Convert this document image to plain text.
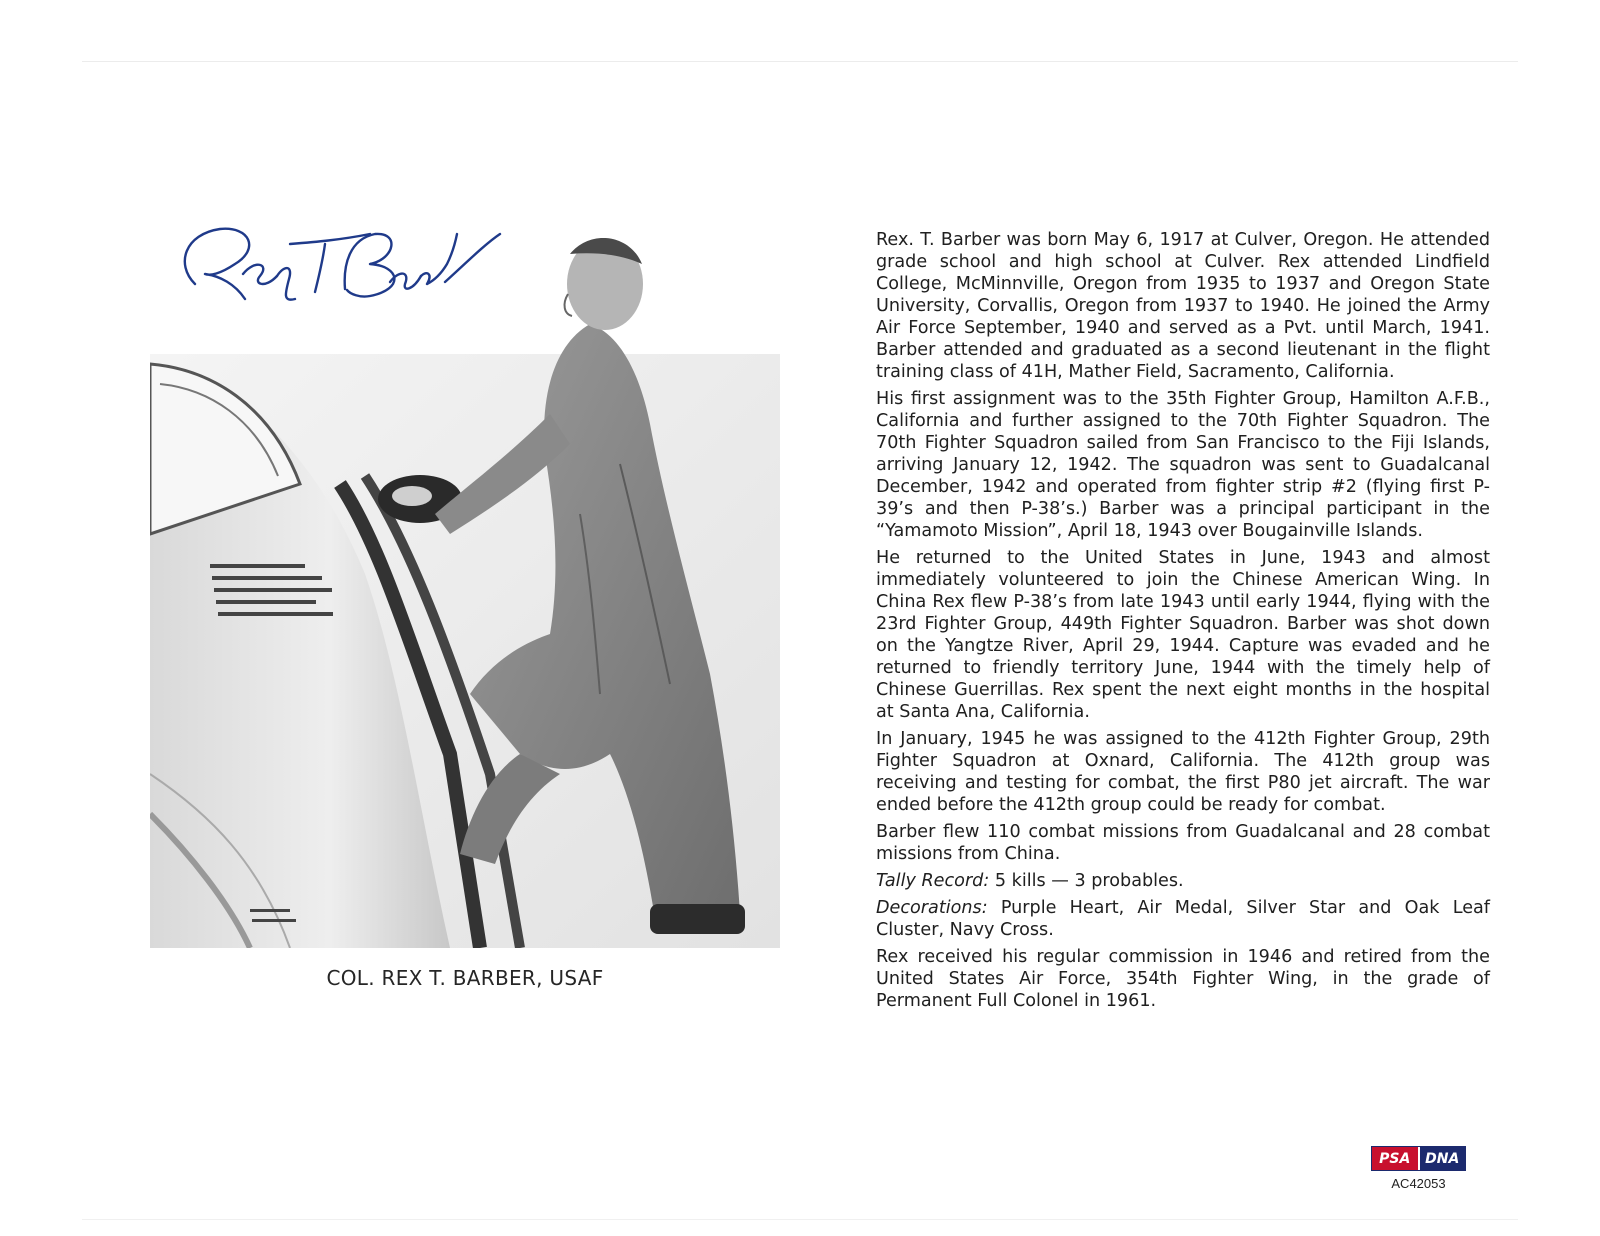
COL. REX T. BARBER, USAF

Rex. T. Barber was born May 6, 1917 at Culver, Oregon. He attended grade school and high school at Culver. Rex attended Lindfield College, McMinnville, Oregon from 1935 to 1937 and Oregon State University, Corvallis, Oregon from 1937 to 1940. He joined the Army Air Force September, 1940 and served as a Pvt. until March, 1941. Barber attended and graduated as a second lieutenant in the flight training class of 41H, Mather Field, Sacramento, California.

His first assignment was to the 35th Fighter Group, Hamilton A.F.B., California and further assigned to the 70th Fighter Squadron. The 70th Fighter Squadron sailed from San Francisco to the Fiji Islands, arriving January 12, 1942. The squadron was sent to Guadalcanal December, 1942 and operated from fighter strip #2 (flying first P-39’s and then P-38’s.) Barber was a principal participant in the “Yamamoto Mission”, April 18, 1943 over Bougainville Islands.

He returned to the United States in June, 1943 and almost immediately volunteered to join the Chinese American Wing. In China Rex flew P-38’s from late 1943 until early 1944, flying with the 23rd Fighter Group, 449th Fighter Squadron. Barber was shot down on the Yangtze River, April 29, 1944. Capture was evaded and he returned to friendly territory June, 1944 with the timely help of Chinese Guerrillas. Rex spent the next eight months in the hospital at Santa Ana, California.

In January, 1945 he was assigned to the 412th Fighter Group, 29th Fighter Squadron at Oxnard, California. The 412th group was receiving and testing for combat, the first P80 jet aircraft. The war ended before the 412th group could be ready for combat.

Barber flew 110 combat missions from Guadalcanal and 28 combat missions from China.

Tally Record: 5 kills — 3 probables.

Decorations: Purple Heart, Air Medal, Silver Star and Oak Leaf Cluster, Navy Cross.

Rex received his regular commission in 1946 and retired from the United States Air Force, 354th Fighter Wing, in the grade of Permanent Full Colonel in 1961.

PSA	DNA
AC42053
